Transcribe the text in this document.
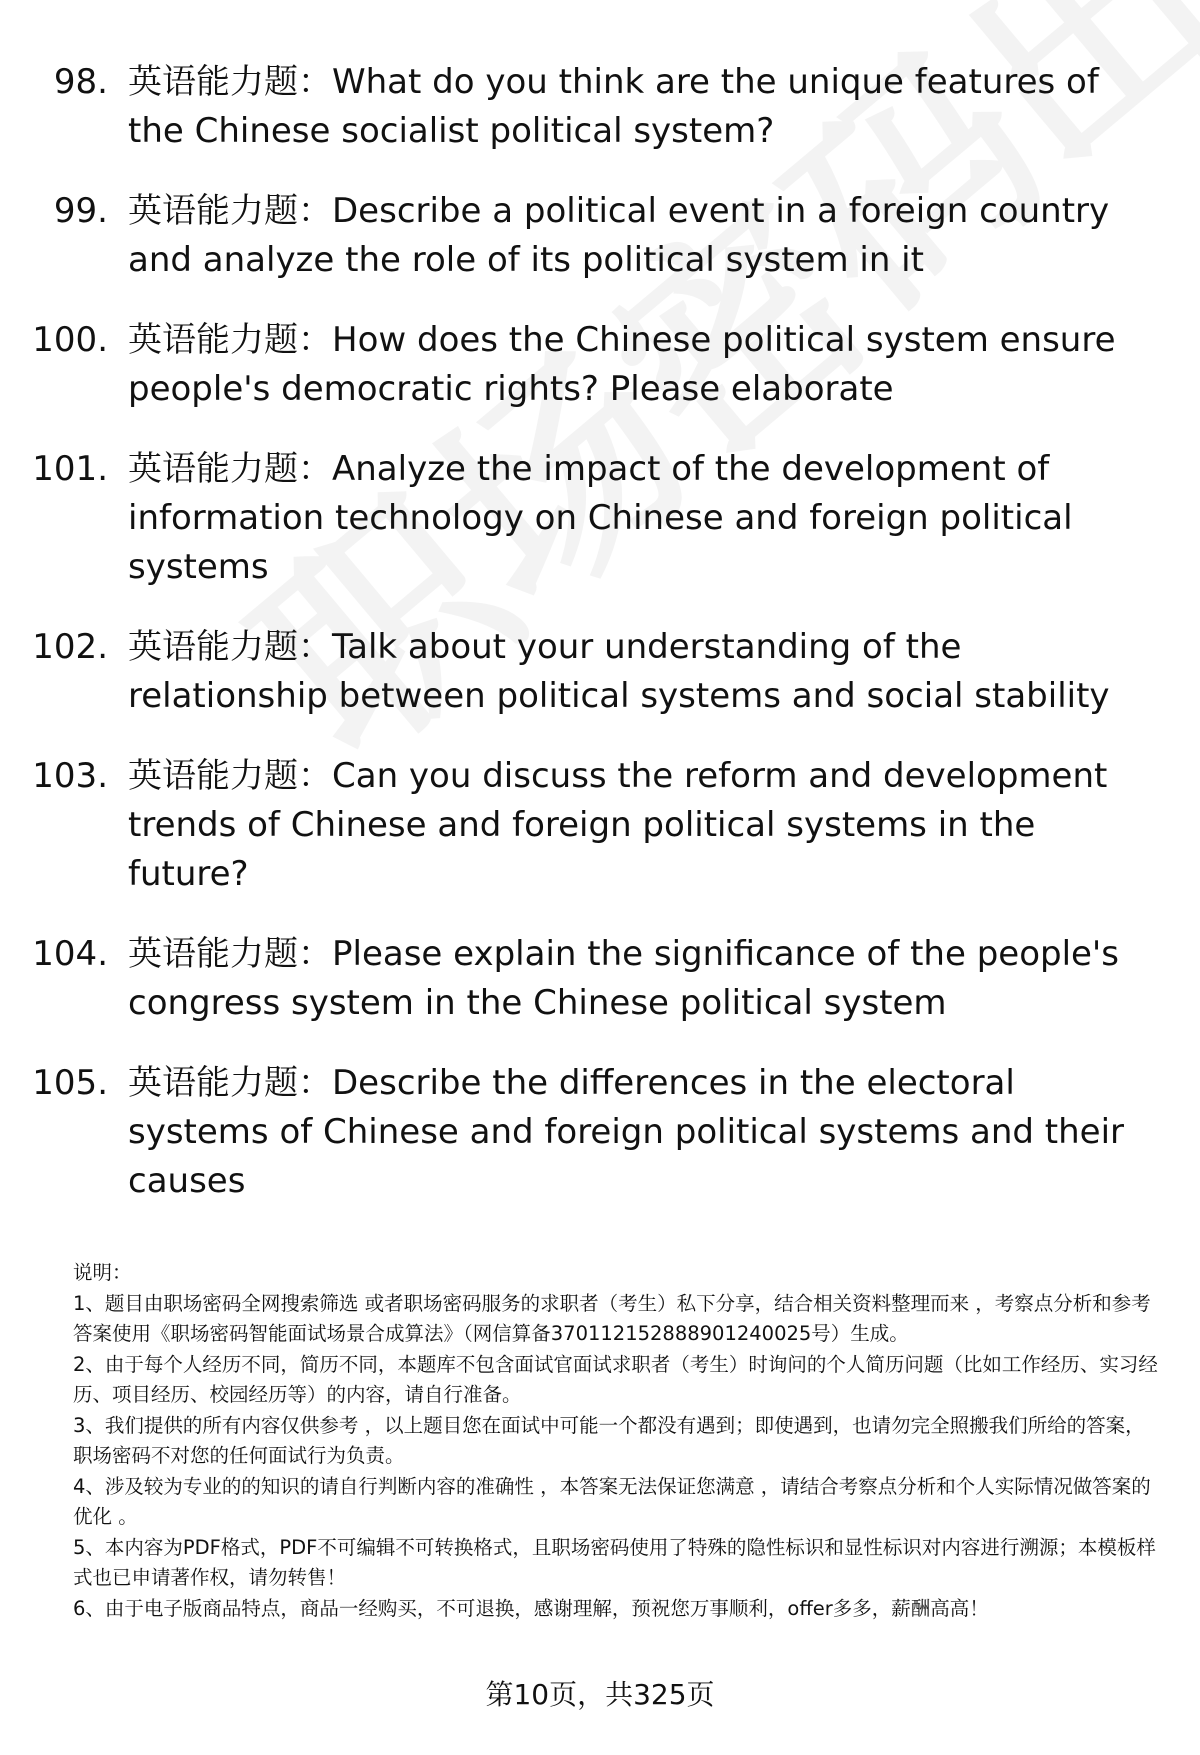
98. 英语能力题：What do you think are the unique features of the Chinese socialist political system?
99. 英语能力题：Describe a political event in a foreign country and analyze the role of its political system in it
100. 英语能力题：How does the Chinese political system ensure people's democratic rights? Please elaborate
101. 英语能力题：Analyze the impact of the development of information technology on Chinese and foreign political systems
102. 英语能力题：Talk about your understanding of the relationship between political systems and social stability
103. 英语能力题：Can you discuss the reform and development trends of Chinese and foreign political systems in the future?
104. 英语能力题：Please explain the significance of the people's congress system in the Chinese political system
105. 英语能力题：Describe the differences in the electoral systems of Chinese and foreign political systems and their causes
说明：
1、题目由职场密码全网搜索筛选 或者职场密码服务的求职者（考生）私下分享，结合相关资料整理而来 ，考察点分析和参考答案使用《职场密码智能面试场景合成算法》（网信算备370112152888901240025号）生成。
2、由于每个人经历不同，简历不同，本题库不包含面试官面试求职者（考生）时询问的个人简历问题（比如工作经历、实习经历、项目经历、校园经历等）的内容，请自行准备。
3、我们提供的所有内容仅供参考 ，以上题目您在面试中可能一个都没有遇到；即使遇到，也请勿完全照搬我们所给的答案，职场密码不对您的任何面试行为负责。
4、涉及较为专业的的知识的请自行判断内容的准确性 ，本答案无法保证您满意 ，请结合考察点分析和个人实际情况做答案的优化 。
5、本内容为PDF格式，PDF不可编辑不可转换格式，且职场密码使用了特殊的隐性标识和显性标识对内容进行溯源；本模板样式也已申请著作权，请勿转售！
6、由于电子版商品特点，商品一经购买，不可退换，感谢理解，预祝您万事顺利，offer多多，薪酬高高！
第10页，共325页
